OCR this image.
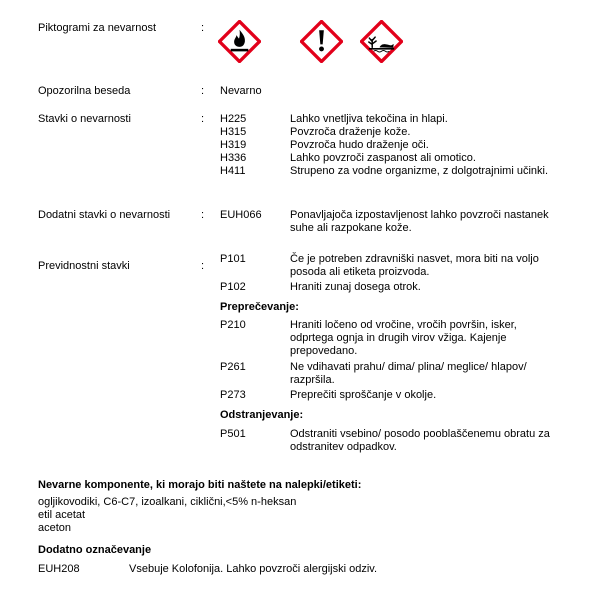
Piktogrami za nevarnost	:
Opozorilna beseda	: Nevarno
Stavki o nevarnosti	: H225	Lahko vnetljiva tekočina in hlapi.
H315	Povzroča draženje kože.
H319	Povzroča hudo draženje oči.
H336	Lahko povzroči zaspanost ali omotico.
H411	Strupeno za vodne organizme, z dolgotrajnimi učinki.
Dodatni stavki o nevarnosti	: EUH066	Ponavljajoča izpostavljenost lahko povzroči nastanek suhe ali razpokane kože.
Previdnostni stavki	:
P101	Če je potreben zdravniški nasvet, mora biti na voljo posoda ali etiketa proizvoda.
P102	Hraniti zunaj dosega otrok.
Preprečevanje:
P210	Hraniti ločeno od vročine, vročih površin, isker, odprtega ognja in drugih virov vžiga. Kajenje prepovedano.
P261	Ne vdihavati prahu/ dima/ plina/ meglice/ hlapov/ razpršila.
P273	Preprečiti sproščanje v okolje.
Odstranjevanje:
P501	Odstraniti vsebino/ posodo pooblaščenemu obratu za odstranitev odpadkov.
Nevarne komponente, ki morajo biti naštete na nalepki/etiketi:
ogljikovodiki, C6-C7, izoalkani, ciklični,<5% n-heksan
etil acetat
aceton
Dodatno označevanje
EUH208	Vsebuje Kolofonija. Lahko povzroči alergijski odziv.
